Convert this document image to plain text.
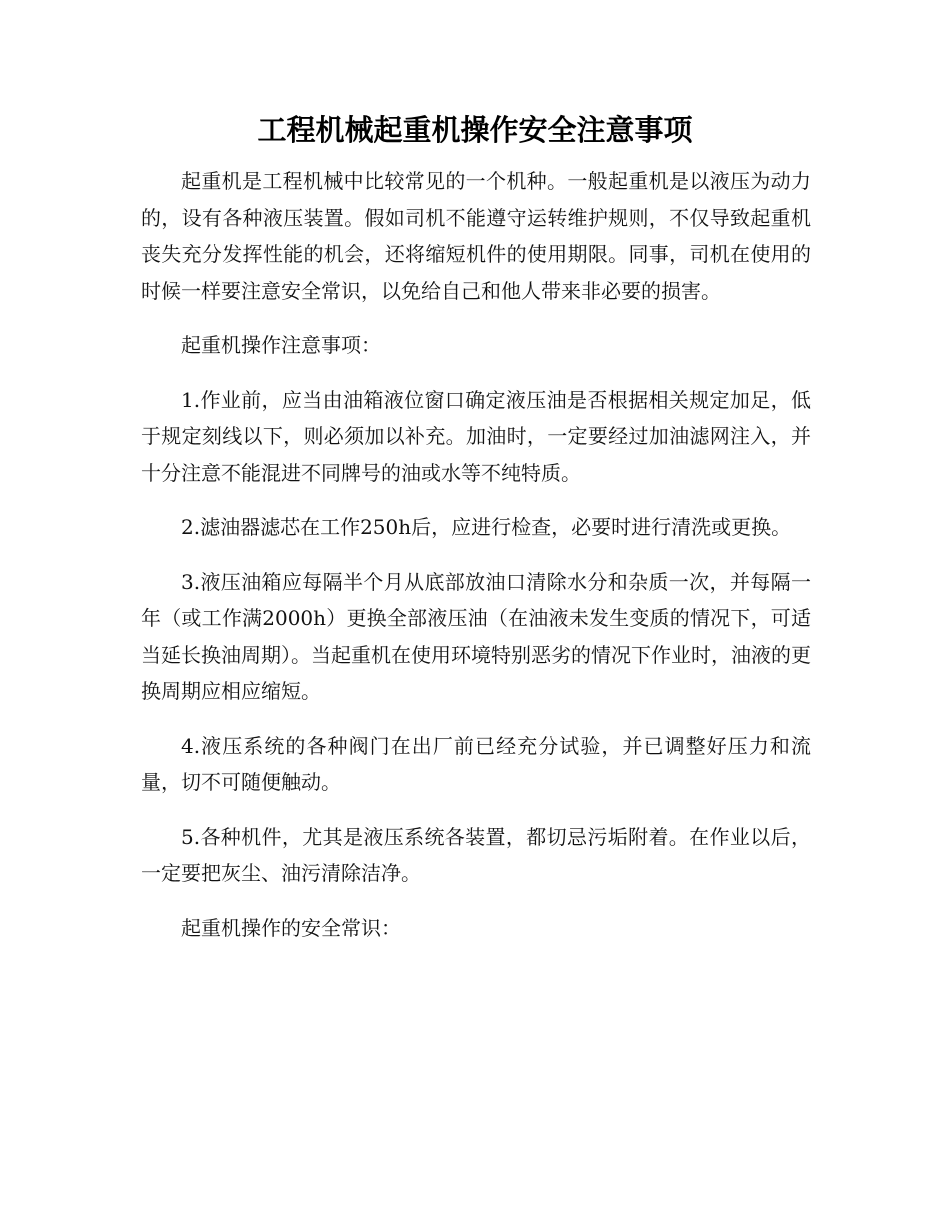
工程机械起重机操作安全注意事项

起重机是工程机械中比较常见的一个机种。一般起重机是以液压为动力的，设有各种液压装置。假如司机不能遵守运转维护规则，不仅导致起重机丧失充分发挥性能的机会，还将缩短机件的使用期限。同事，司机在使用的时候一样要注意安全常识，以免给自己和他人带来非必要的损害。

起重机操作注意事项：

1.作业前，应当由油箱液位窗口确定液压油是否根据相关规定加足，低于规定刻线以下，则必须加以补充。加油时，一定要经过加油滤网注入，并十分注意不能混进不同牌号的油或水等不纯特质。

2.滤油器滤芯在工作250h后，应进行检查，必要时进行清洗或更换。

3.液压油箱应每隔半个月从底部放油口清除水分和杂质一次，并每隔一年（或工作满2000h）更换全部液压油（在油液未发生变质的情况下，可适当延长换油周期）。当起重机在使用环境特别恶劣的情况下作业时，油液的更换周期应相应缩短。

4.液压系统的各种阀门在出厂前已经充分试验，并已调整好压力和流量，切不可随便触动。

5.各种机件，尤其是液压系统各装置，都切忌污垢附着。在作业以后，一定要把灰尘、油污清除洁净。

起重机操作的安全常识：
